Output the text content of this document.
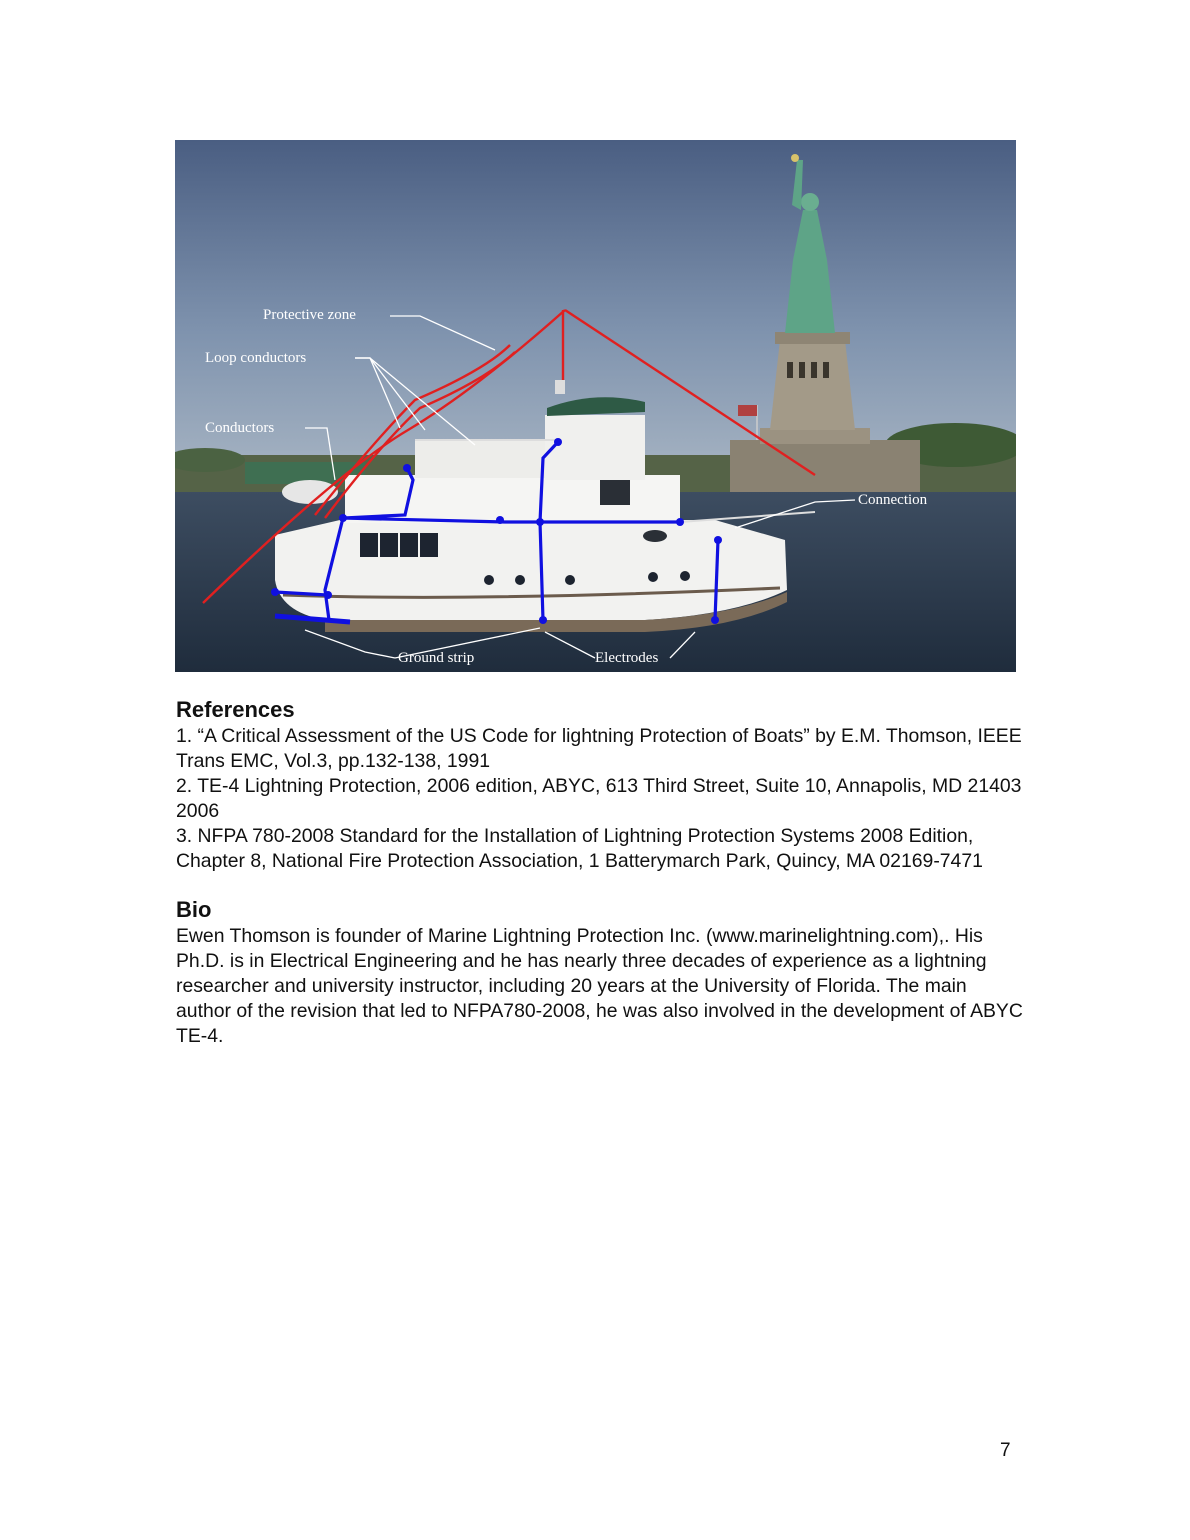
Protective zone
Loop conductors
Conductors
Connection
Ground strip	Electrodes
References

1. “A Critical Assessment of the US Code for lightning Protection of Boats” by E.M. Thomson, IEEE Trans EMC, Vol.3, pp.132-138, 1991

2. TE-4 Lightning Protection, 2006 edition, ABYC, 613 Third Street, Suite 10, Annapolis, MD 21403 2006

3. NFPA 780-2008 Standard for the Installation of Lightning Protection Systems 2008 Edition, Chapter 8, National Fire Protection Association, 1 Batterymarch Park, Quincy, MA 02169-7471

Bio

Ewen Thomson is founder of Marine Lightning Protection Inc. (www.marinelightning.com),. His Ph.D. is in Electrical Engineering and he has nearly three decades of experience as a lightning researcher and university instructor, including 20 years at the University of Florida. The main author of the revision that led to NFPA780-2008, he was also involved in the development of ABYC TE-4.

7
